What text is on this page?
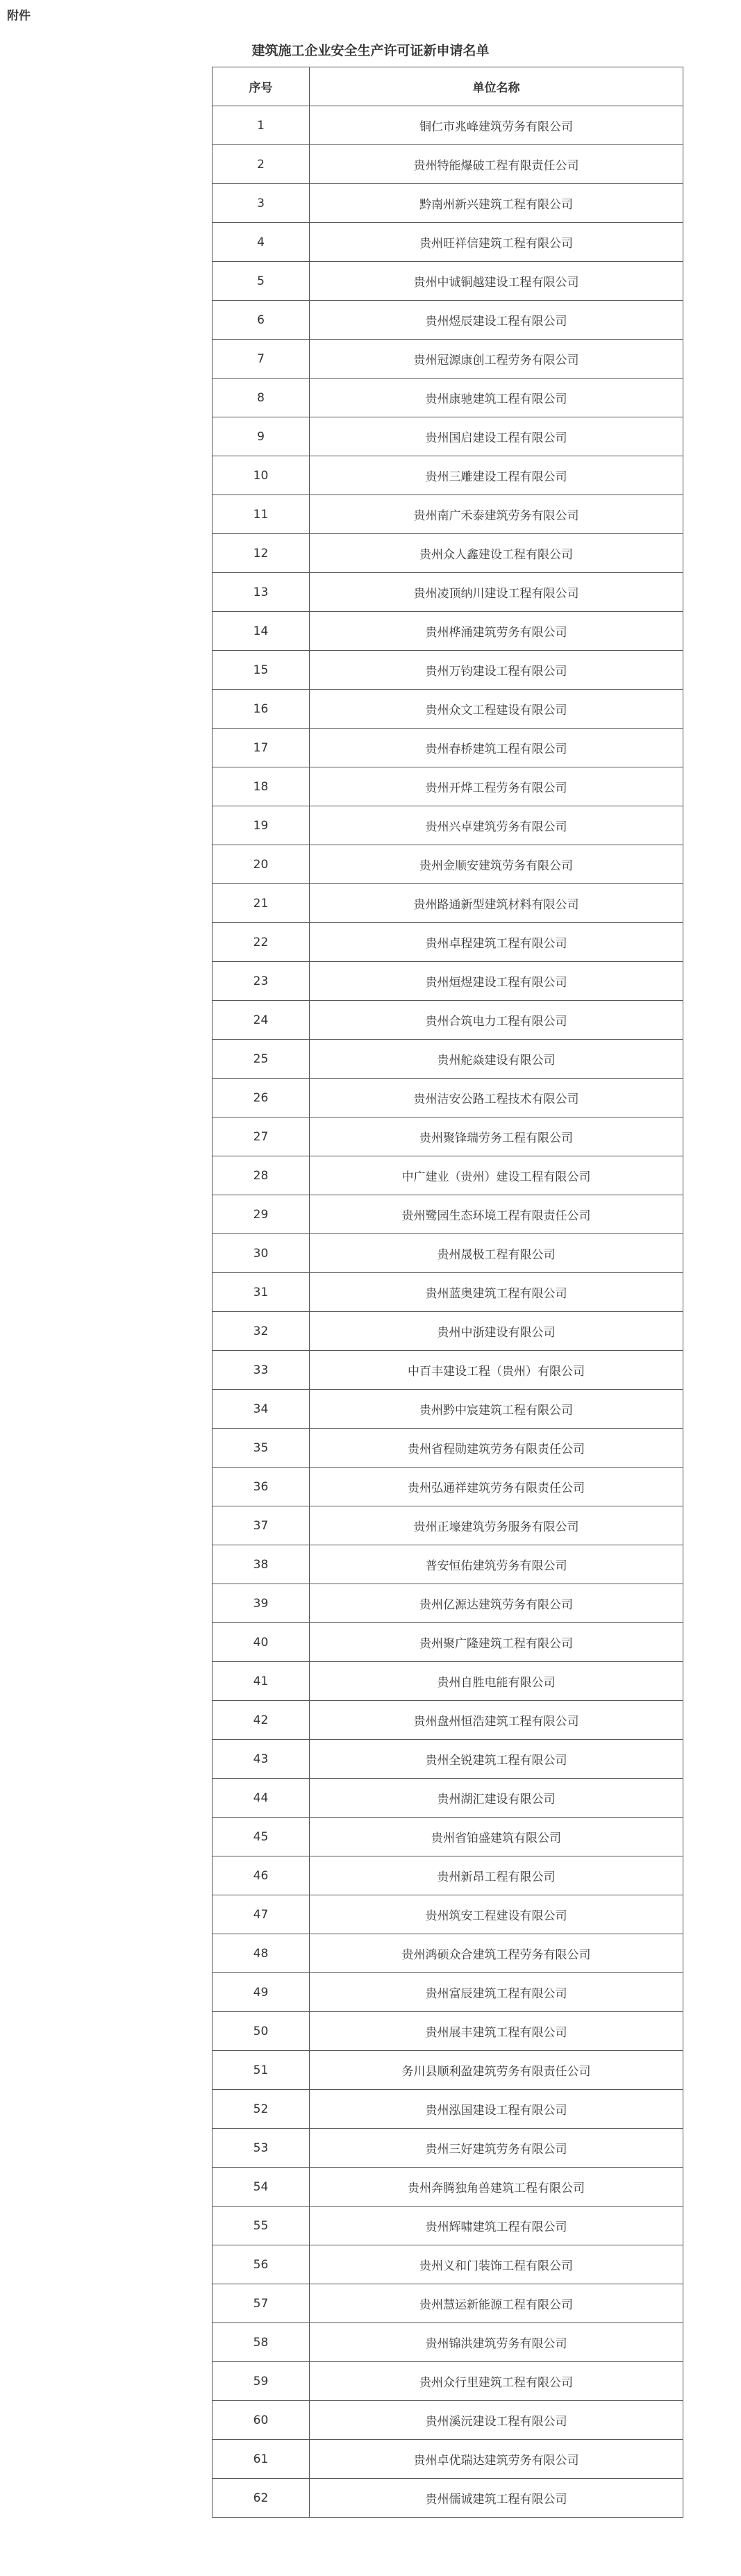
附件
建筑施工企业安全生产许可证新申请名单
序号	单位名称
1	铜仁市兆峰建筑劳务有限公司
2	贵州特能爆破工程有限责任公司
3	黔南州新兴建筑工程有限公司
4	贵州旺祥信建筑工程有限公司
5	贵州中诚铜越建设工程有限公司
6	贵州煜辰建设工程有限公司
7	贵州冠源康创工程劳务有限公司
8	贵州康驰建筑工程有限公司
9	贵州国启建设工程有限公司
10	贵州三雕建设工程有限公司
11	贵州南广禾泰建筑劳务有限公司
12	贵州众人鑫建设工程有限公司
13	贵州凌顶纳川建设工程有限公司
14	贵州桦涌建筑劳务有限公司
15	贵州万钧建设工程有限公司
16	贵州众文工程建设有限公司
17	贵州春桥建筑工程有限公司
18	贵州开烨工程劳务有限公司
19	贵州兴卓建筑劳务有限公司
20	贵州金顺安建筑劳务有限公司
21	贵州路通新型建筑材料有限公司
22	贵州卓程建筑工程有限公司
23	贵州烜煜建设工程有限公司
24	贵州合筑电力工程有限公司
25	贵州舵焱建设有限公司
26	贵州洁安公路工程技术有限公司
27	贵州聚锋瑞劳务工程有限公司
28	中广建业（贵州）建设工程有限公司
29	贵州鹭园生态环境工程有限责任公司
30	贵州晟极工程有限公司
31	贵州蓝奥建筑工程有限公司
32	贵州中浙建设有限公司
33	中百丰建设工程（贵州）有限公司
34	贵州黔中宸建筑工程有限公司
35	贵州省程勋建筑劳务有限责任公司
36	贵州弘通祥建筑劳务有限责任公司
37	贵州正壕建筑劳务服务有限公司
38	普安恒佑建筑劳务有限公司
39	贵州亿源达建筑劳务有限公司
40	贵州聚广隆建筑工程有限公司
41	贵州自胜电能有限公司
42	贵州盘州恒浩建筑工程有限公司
43	贵州全锐建筑工程有限公司
44	贵州湖汇建设有限公司
45	贵州省铂盛建筑有限公司
46	贵州新昂工程有限公司
47	贵州筑安工程建设有限公司
48	贵州鸿硕众合建筑工程劳务有限公司
49	贵州富辰建筑工程有限公司
50	贵州展丰建筑工程有限公司
51	务川县顺利盈建筑劳务有限责任公司
52	贵州泓国建设工程有限公司
53	贵州三好建筑劳务有限公司
54	贵州奔腾独角兽建筑工程有限公司
55	贵州辉啸建筑工程有限公司
56	贵州义和门装饰工程有限公司
57	贵州慧运新能源工程有限公司
58	贵州锦洪建筑劳务有限公司
59	贵州众行里建筑工程有限公司
60	贵州溪沅建设工程有限公司
61	贵州卓优瑞达建筑劳务有限公司
62	贵州儒诚建筑工程有限公司
